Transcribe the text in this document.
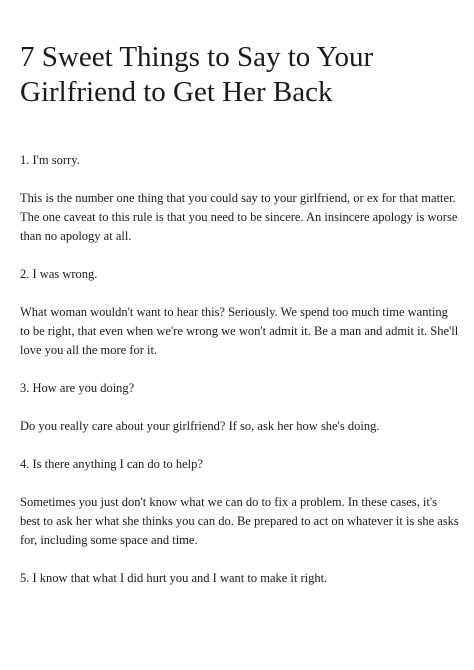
7 Sweet Things to Say to Your Girlfriend to Get Her Back

1. I'm sorry.

This is the number one thing that you could say to your girlfriend, or ex for that matter. The one caveat to this rule is that you need to be sincere. An insincere apology is worse than no apology at all.

2. I was wrong.

What woman wouldn't want to hear this? Seriously. We spend too much time wanting to be right, that even when we're wrong we won't admit it. Be a man and admit it. She'll love you all the more for it.

3. How are you doing?

Do you really care about your girlfriend? If so, ask her how she's doing.

4. Is there anything I can do to help?

Sometimes you just don't know what we can do to fix a problem. In these cases, it's best to ask her what she thinks you can do. Be prepared to act on whatever it is she asks for, including some space and time.

5. I know that what I did hurt you and I want to make it right.
